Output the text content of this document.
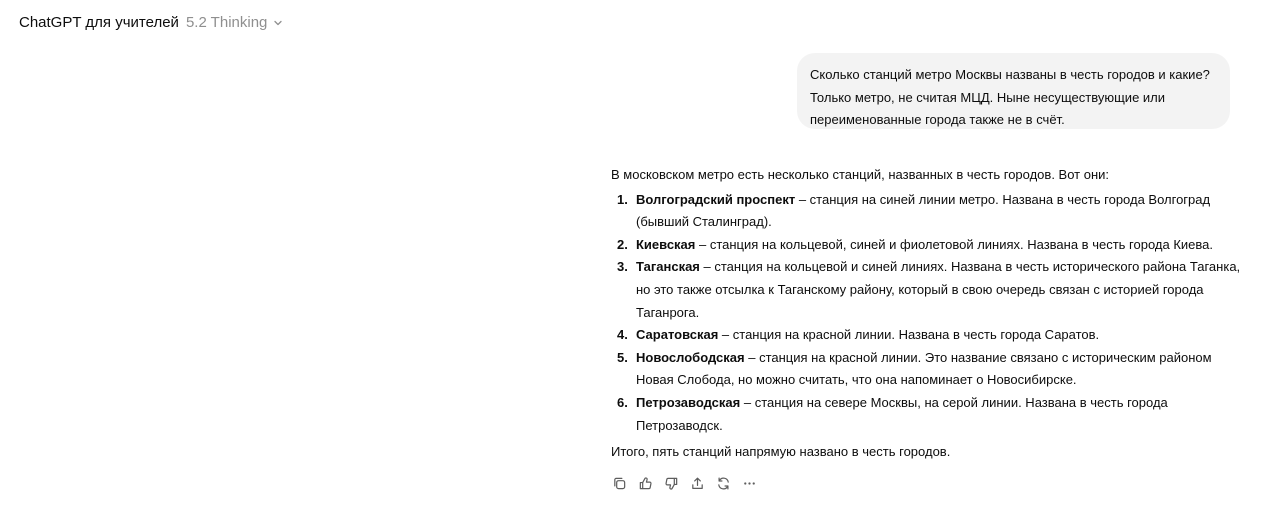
ChatGPT для учителей 5.2 Thinking
Сколько станций метро Москвы названы в честь городов и какие? Только метро, не считая МЦД. Ныне несуществующие или переименованные города также не в счёт.

В московском метро есть несколько станций, названных в честь городов. Вот они:

1. Волгоградский проспект – станция на синей линии метро. Названа в честь города Волгоград (бывший Сталинград).
2. Киевская – станция на кольцевой, синей и фиолетовой линиях. Названа в честь города Киева.
3. Таганская – станция на кольцевой и синей линиях. Названа в честь исторического района Таганка, но это также отсылка к Таганскому району, который в свою очередь связан с историей города Таганрога.
4. Саратовская – станция на красной линии. Названа в честь города Саратов.
5. Новослободская – станция на красной линии. Это название связано с историческим районом Новая Слобода, но можно считать, что она напоминает о Новосибирске.
6. Петрозаводская – станция на севере Москвы, на серой линии. Названа в честь города Петрозаводск.

Итого, пять станций напрямую названо в честь городов.
